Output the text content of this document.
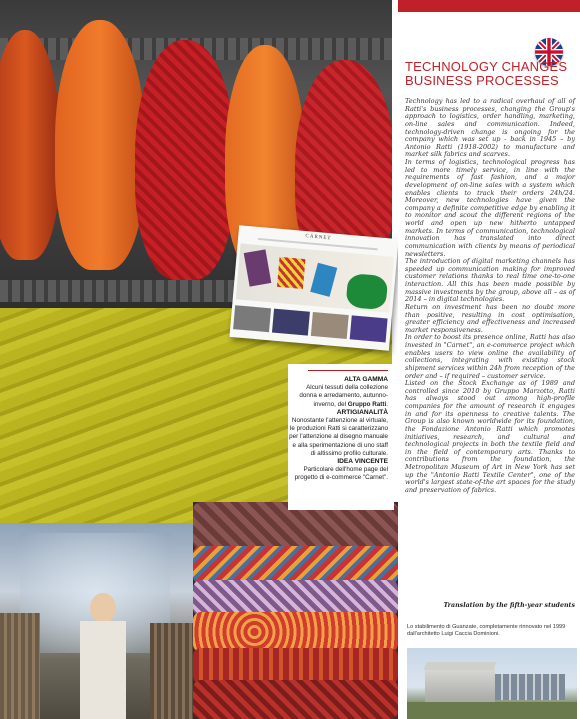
CARNET
ALTA GAMMA
Alcuni tessuti della collezione donna e arredamento, autunno-inverno, del Gruppo Ratti.
ARTIGIANALITÀ
Nonostante l'attenzione al virtuale, le produzioni Ratti si caratterizzano per l'attenzione al disegno manuale e alla sperimentazione di uno staff di altissimo profilo culturale.
IDEA VINCENTE
Particolare dell'home page del progetto di e-commerce "Carnet".
TECHNOLOGY CHANGES
BUSINESS PROCESSES

Technology has led to a radical overhaul of all of Ratti's business processes, changing the Group's approach to logistics, order handling, marketing, on-line sales and communication. Indeed, technology-driven change is ongoing for the company which was set up - back in 1945 – by Antonio Ratti (1918-2002) to manufacture and market silk fabrics and scarves.

In terms of logistics, technological progress has led to more timely service, in line with the requirements of fast fashion, and a major development of on-line sales with a system which enables clients to track their orders 24h/24. Moreover, new technologies have given the company a definite competitive edge by enabling it to monitor and scout the different regions of the world and open up new hitherto untapped markets. In terms of communication, technological innovation has translated into direct communication with clients by means of periodical newsletters.

The introduction of digital marketing channels has speeded up communication making for improved customer relations thanks to real time one-to-one interaction. All this has been made possible by massive investments by the group, above all – as of 2014 – in digital technologies.

Return on investment has been no doubt more than positive, resulting in cost optimisation, greater efficiency and effectiveness and increased market responsiveness.

In order to boost its presence online, Ratti has also invested in "Carnet", an e-commerce project which enables users to view online the availability of collections, integrating with existing stock shipment services within 24h from reception of the order and – if required – customer service.

Listed on the Stock Exchange as of 1989 and controlled since 2010 by Gruppo Marzotto, Ratti has always stood out among high-profile companies for the amount of research it engages in and for its openness to creative talents. The Group is also known worldwide for its foundation, the Fondazione Antonio Ratti which promotes initiatives, research, and cultural and technological projects in both the textile field and in the field of contemporary arts. Thanks to contributions from the foundation, the Metropolitan Museum of Art in New York has set up the "Antonio Ratti Textile Center", one of the world's largest state-of-the art spaces for the study and preservation of fabrics.

Translation by the fifth-year students
Lo stabilimento di Guanzate, completamente rinnovato nel 1999 dall'architetto Luigi Caccia Dominioni.
